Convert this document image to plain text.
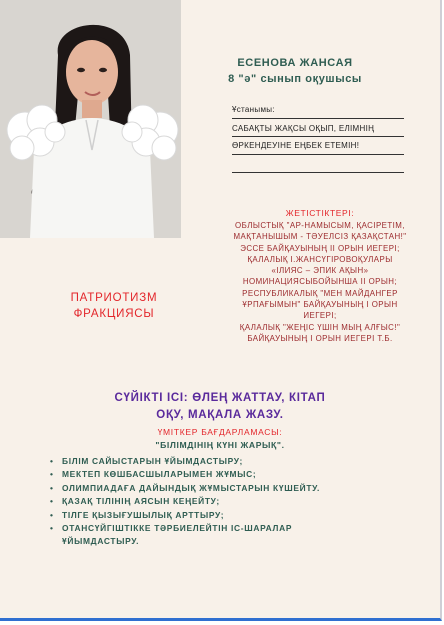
ЕСЕНОВА ЖАНСАЯ
8 "ә" сынып оқушысы
Ұстанымы:
САБАҚТЫ ЖАҚСЫ ОҚЫП, ЕЛІМНІҢ
ӨРКЕНДЕУІНЕ ЕҢБЕК ЕТЕМІН!
ПАТРИОТИЗМ
ФРАКЦИЯСЫ
ЖЕТІСТІКТЕРІ:
ОБЛЫСТЫҚ "АР-НАМЫСЫМ, ҚАСІРЕТІМ,
МАҚТАНЫШЫМ - ТӘУЕЛСІЗ ҚАЗАҚСТАН!"
ЭССЕ БАЙҚАУЫНЫҢ ІІ ОРЫН ИЕГЕРІ;
ҚАЛАЛЫҚ І.ЖАНСҮГІРОВОҚУЛАРЫ
«ІЛИЯС – ЭПИК АҚЫН»
НОМИНАЦИЯСЫБОЙЫНША ІІ ОРЫН;
РЕСПУБЛИКАЛЫҚ "МЕН МАЙДАНГЕР
ҰРПАҒЫМЫН" БАЙҚАУЫНЫҢ І ОРЫН
ИЕГЕРІ;
ҚАЛАЛЫҚ "ЖЕҢІС ҮШІН МЫҢ АЛҒЫС!"
БАЙҚАУЫНЫҢ І ОРЫН ИЕГЕРІ Т.Б.
СҮЙІКТІ ІСІ: ӨЛЕҢ ЖАТТАУ, КІТАП
ОҚУ, МАҚАЛА ЖАЗУ.
ҮМІТКЕР БАҒДАРЛАМАСЫ:
"БІЛІМДІНІҢ КҮНІ ЖАРЫҚ".
• БІЛІМ САЙЫСТАРЫН ҰЙЫМДАСТЫРУ;
• МЕКТЕП КӨШБАСШЫЛАРЫМЕН ЖҰМЫС;
• ОЛИМПИАДАҒА ДАЙЫНДЫҚ ЖҰМЫСТАРЫН КҮШЕЙТУ.
• ҚАЗАҚ ТІЛІНІҢ АЯСЫН КЕҢЕЙТУ;
• ТІЛГЕ ҚЫЗЫҒУШЫЛЫҚ АРТТЫРУ;
• ОТАНСҮЙГІШТІККЕ ТӘРБИЕЛЕЙТІН ІС-ШАРАЛАР
ҰЙЫМДАСТЫРУ.
